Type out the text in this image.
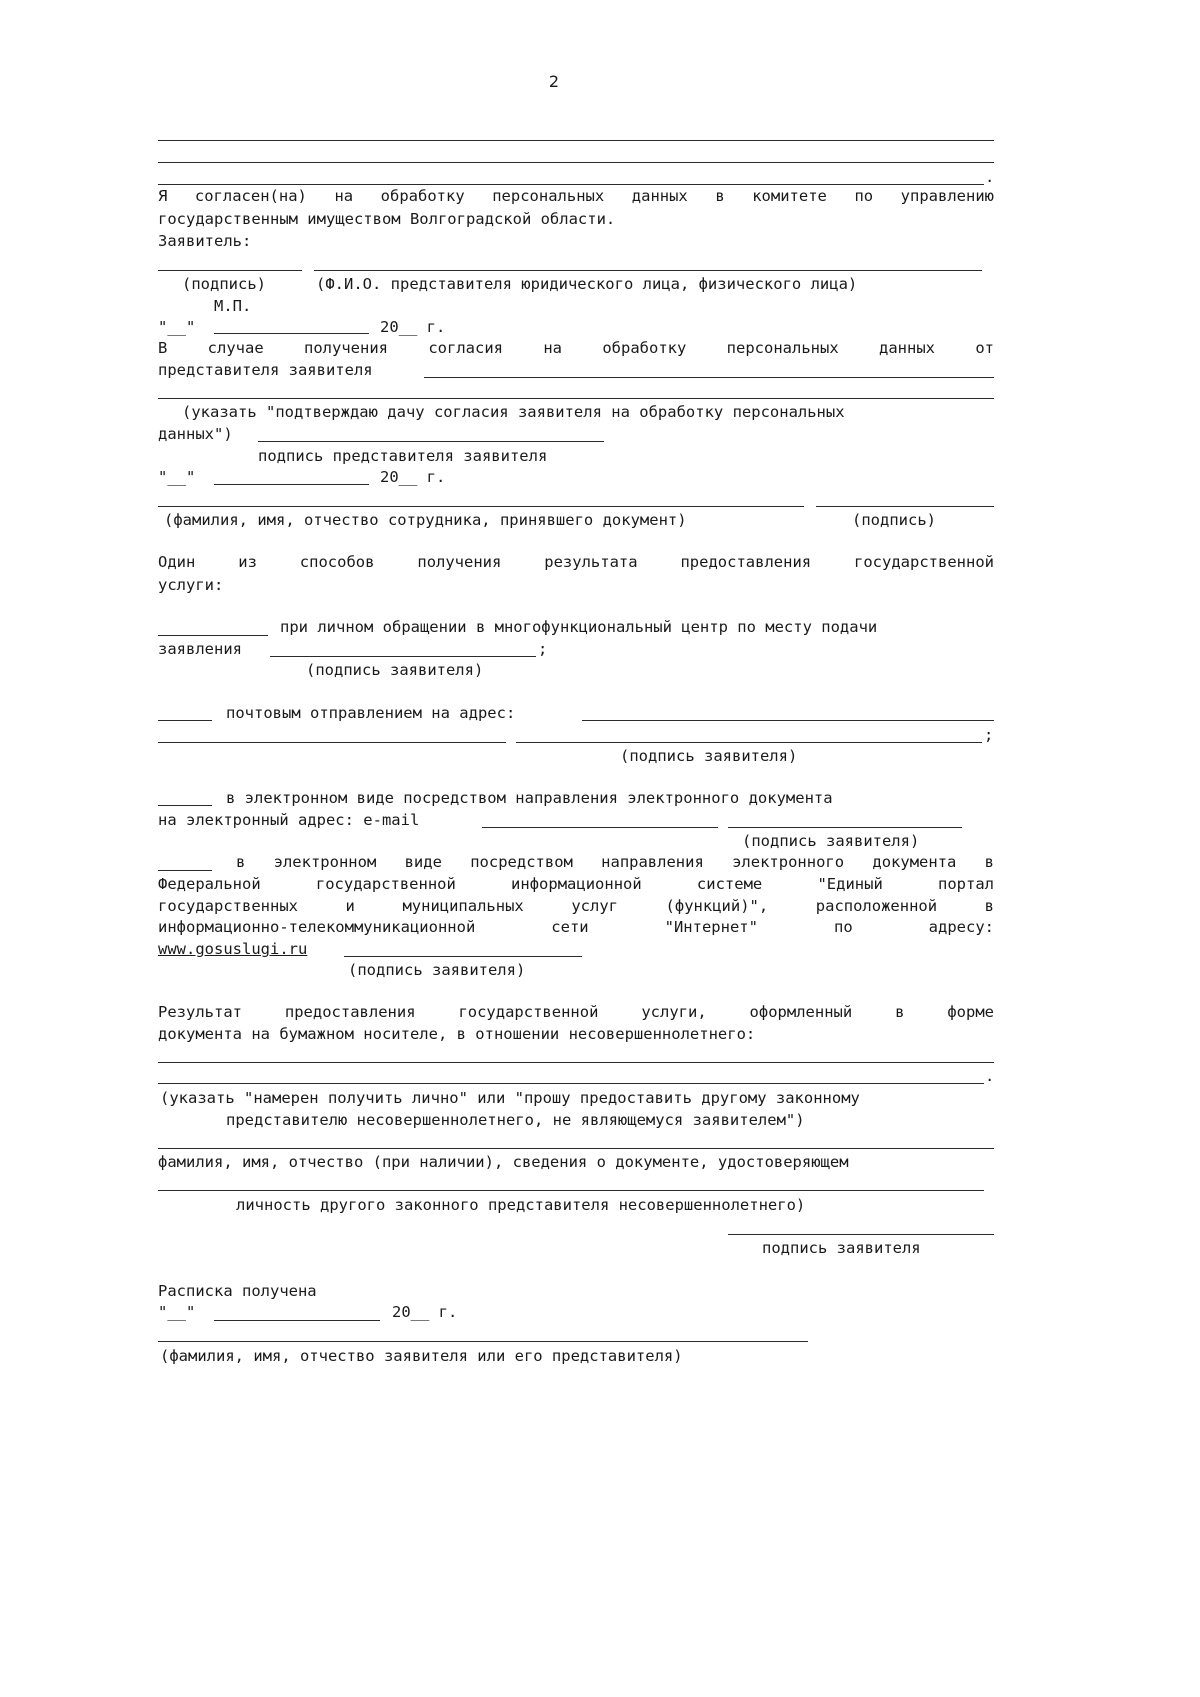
2
.
Я согласен(на) на обработку персональных данных в комитете по управлению
государственным имуществом Волгоградской области.
Заявитель:
(подпись)	(Ф.И.О. представителя юридического лица, физического лица)
М.П.
"__"	20__ г.
В случае получения согласия на обработку персональных данных от
представителя заявителя
(указать "подтверждаю дачу согласия заявителя на обработку персональных
данных")
подпись представителя заявителя
"__"	20__ г.
(фамилия, имя, отчество сотрудника, принявшего документ)	(подпись)
Один из способов получения результата предоставления государственной
услуги:
при личном обращении в многофункциональный центр по месту подачи
заявления	;
(подпись заявителя)
почтовым отправлением на адрес:
;
(подпись заявителя)
в электронном виде посредством направления электронного документа
на электронный адрес: e-mail
(подпись заявителя)
в электронном виде посредством направления электронного документа в
Федеральной государственной информационной системе "Единый портал
государственных и муниципальных услуг (функций)", расположенной в
информационно-телекоммуникационной сети "Интернет" по адресу:
www.gosuslugi.ru
(подпись заявителя)
Результат предоставления государственной услуги, оформленный в форме
документа на бумажном носителе, в отношении несовершеннолетнего:
.
(указать "намерен получить лично" или "прошу предоставить другому законному
представителю несовершеннолетнего, не являющемуся заявителем")
фамилия, имя, отчество (при наличии), сведения о документе, удостоверяющем
личность другого законного представителя несовершеннолетнего)
подпись заявителя
Расписка получена
"__"	20__ г.
(фамилия, имя, отчество заявителя или его представителя)
